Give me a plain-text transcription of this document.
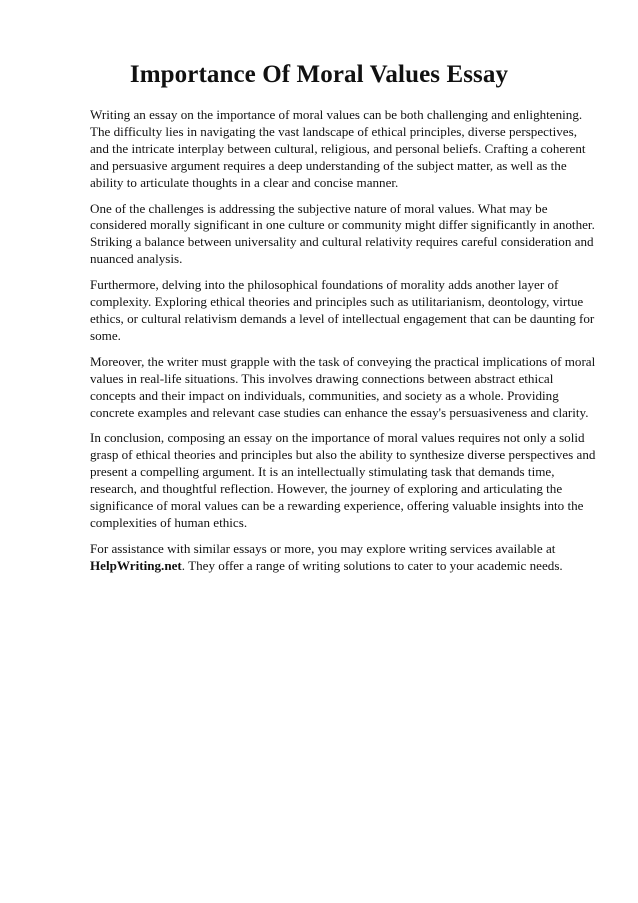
Importance Of Moral Values Essay

Writing an essay on the importance of moral values can be both challenging and enlightening. The difficulty lies in navigating the vast landscape of ethical principles, diverse perspectives, and the intricate interplay between cultural, religious, and personal beliefs. Crafting a coherent and persuasive argument requires a deep understanding of the subject matter, as well as the ability to articulate thoughts in a clear and concise manner.

One of the challenges is addressing the subjective nature of moral values. What may be considered morally significant in one culture or community might differ significantly in another. Striking a balance between universality and cultural relativity requires careful consideration and nuanced analysis.

Furthermore, delving into the philosophical foundations of morality adds another layer of complexity. Exploring ethical theories and principles such as utilitarianism, deontology, virtue ethics, or cultural relativism demands a level of intellectual engagement that can be daunting for some.

Moreover, the writer must grapple with the task of conveying the practical implications of moral values in real-life situations. This involves drawing connections between abstract ethical concepts and their impact on individuals, communities, and society as a whole. Providing concrete examples and relevant case studies can enhance the essay's persuasiveness and clarity.

In conclusion, composing an essay on the importance of moral values requires not only a solid grasp of ethical theories and principles but also the ability to synthesize diverse perspectives and present a compelling argument. It is an intellectually stimulating task that demands time, research, and thoughtful reflection. However, the journey of exploring and articulating the significance of moral values can be a rewarding experience, offering valuable insights into the complexities of human ethics.

For assistance with similar essays or more, you may explore writing services available at
HelpWriting.net. They offer a range of writing solutions to cater to your academic needs.
